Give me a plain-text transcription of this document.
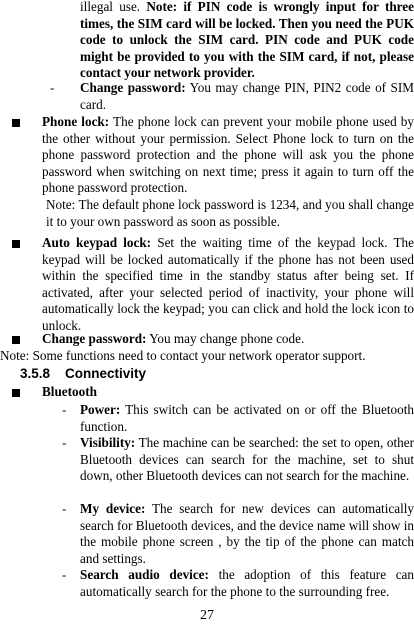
illegal use. Note: if PIN code is wrongly input for three times, the SIM card will be locked. Then you need the PUK code to unlock the SIM card. PIN code and PUK code might be provided to you with the SIM card, if not, please contact your network provider.

- Change password: You may change PIN, PIN2 code of SIM card.

Phone lock: The phone lock can prevent your mobile phone used by the other without your permission. Select Phone lock to turn on the phone password protection and the phone will ask you the phone password when switching on next time; press it again to turn off the phone password protection.

Note: The default phone lock password is 1234, and you shall change it to your own password as soon as possible.

Auto keypad lock: Set the waiting time of the keypad lock. The keypad will be locked automatically if the phone has not been used within the specified time in the standby status after being set. If activated, after your selected period of inactivity, your phone will automatically lock the keypad; you can click and hold the lock icon to unlock.

Change password: You may change phone code.

Note: Some functions need to contact your network operator support.

3.5.8 Connectivity

Bluetooth

- Power: This switch can be activated on or off the Bluetooth function.

- Visibility: The machine can be searched: the set to open, other Bluetooth devices can search for the machine, set to shut down, other Bluetooth devices can not search for the machine.

- My device: The search for new devices can automatically search for Bluetooth devices, and the device name will show in the mobile phone screen , by the tip of the phone can match and settings.

- Search audio device: the adoption of this feature can automatically search for the phone to the surrounding free.

27
